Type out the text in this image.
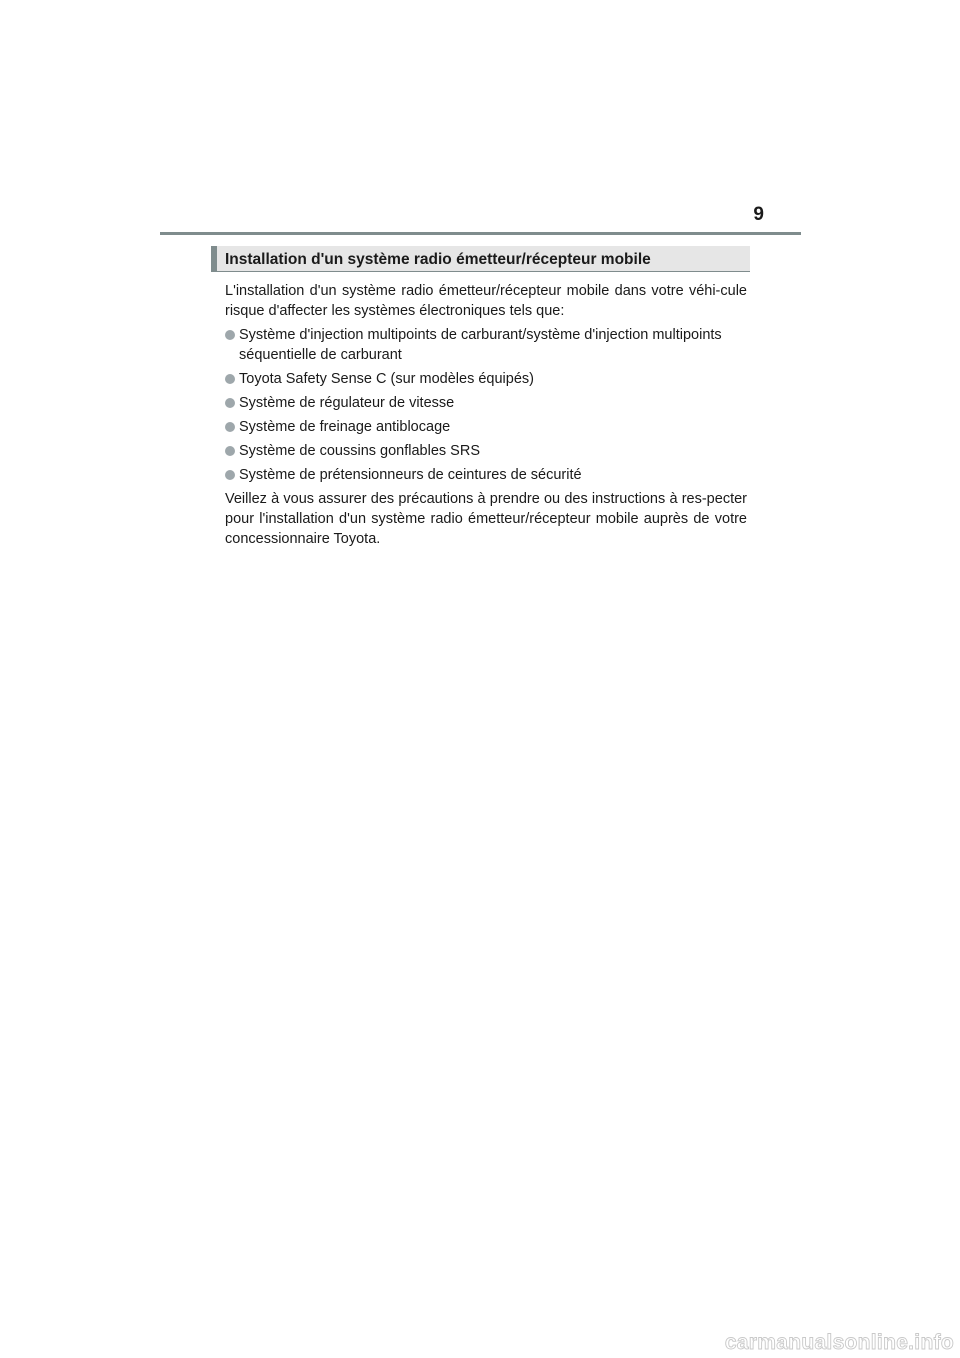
9
Installation d'un système radio émetteur/récepteur mobile

L'installation d'un système radio émetteur/récepteur mobile dans votre véhi-cule risque d'affecter les systèmes électroniques tels que:

Système d'injection multipoints de carburant/système d'injection multipoints séquentielle de carburant
Toyota Safety Sense C (sur modèles équipés)
Système de régulateur de vitesse
Système de freinage antiblocage
Système de coussins gonflables SRS
Système de prétensionneurs de ceintures de sécurité

Veillez à vous assurer des précautions à prendre ou des instructions à res-pecter pour l'installation d'un système radio émetteur/récepteur mobile auprès de votre concessionnaire Toyota.

carmanualsonline.info
